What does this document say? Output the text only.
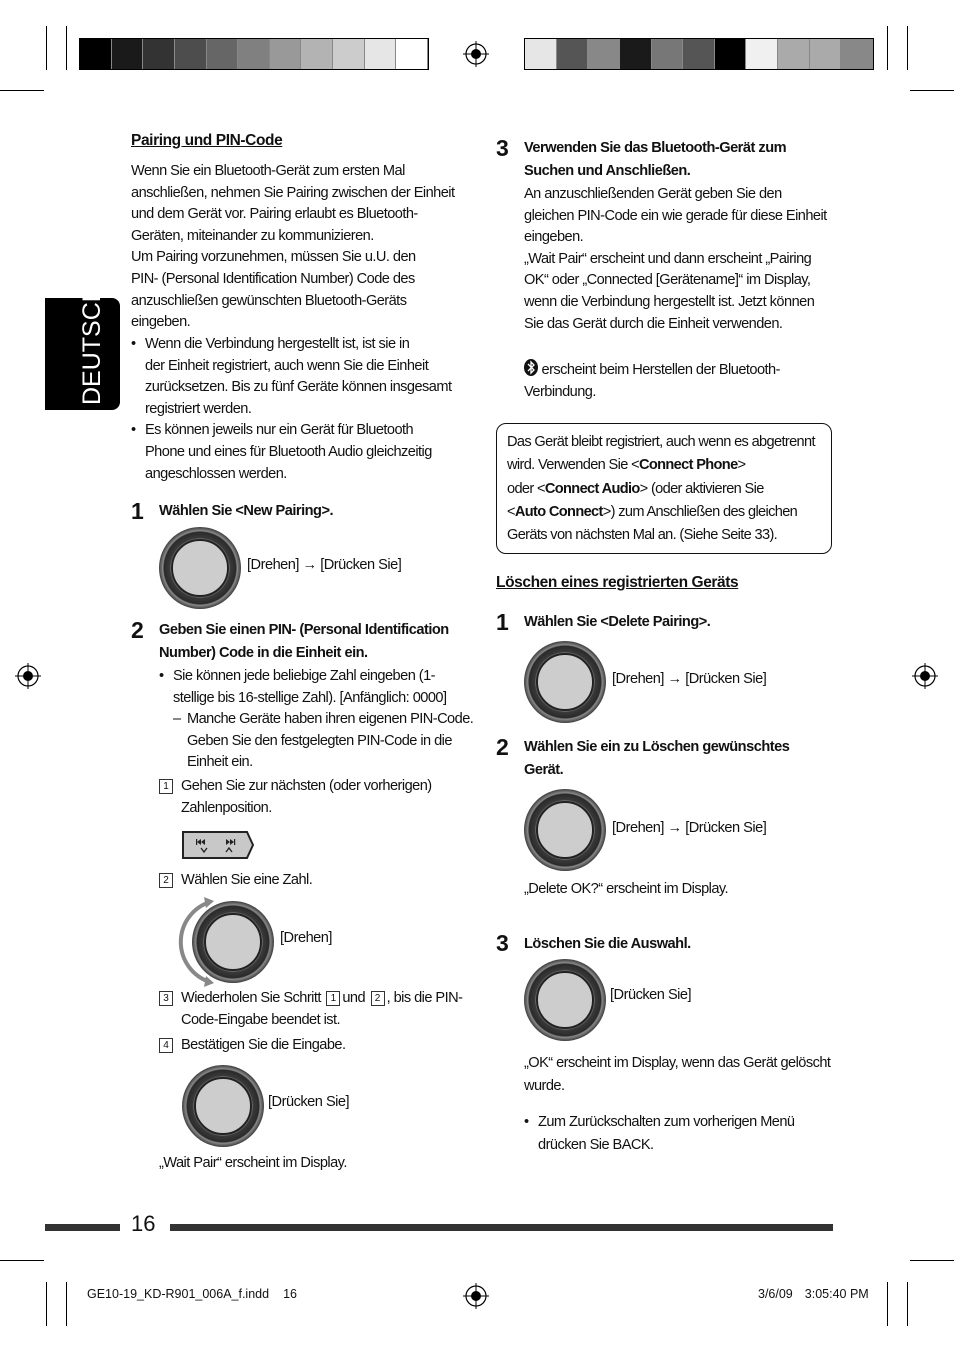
DEUTSCH
Pairing und PIN-Code
Wenn Sie ein Bluetooth-Gerät zum ersten Mal
anschließen, nehmen Sie Pairing zwischen der Einheit
und dem Gerät vor. Pairing erlaubt es Bluetooth-
Geräten, miteinander zu kommunizieren.
Um Pairing vorzunehmen, müssen Sie u.U. den
PIN- (Personal Identification Number) Code des
anzuschließen gewünschten Bluetooth-Geräts
eingeben.
• Wenn die Verbindung hergestellt ist, ist sie in
der Einheit registriert, auch wenn Sie die Einheit
zurücksetzen. Bis zu fünf Geräte können insgesamt
registriert werden.
• Es können jeweils nur ein Gerät für Bluetooth
Phone und eines für Bluetooth Audio gleichzeitig
angeschlossen werden.
1 Wählen Sie <New Pairing>.
[Drehen] → [Drücken Sie]
2 Geben Sie einen PIN- (Personal Identification
Number) Code in die Einheit ein.
• Sie können jede beliebige Zahl eingeben (1-
stellige bis 16-stellige Zahl). [Anfänglich: 0000]
– Manche Geräte haben ihren eigenen PIN-Code.
Geben Sie den festgelegten PIN-Code in die
Einheit ein.
1 Gehen Sie zur nächsten (oder vorherigen)
Zahlenposition.
2 Wählen Sie eine Zahl.
[Drehen]
3 Wiederholen Sie Schritt 1 und 2 , bis die PIN-
Code-Eingabe beendet ist.
4 Bestätigen Sie die Eingabe.
[Drücken Sie]
„Wait Pair“ erscheint im Display.
3 Verwenden Sie das Bluetooth-Gerät zum
Suchen und Anschließen.
An anzuschließenden Gerät geben Sie den
gleichen PIN-Code ein wie gerade für diese Einheit
eingeben.
„Wait Pair“ erscheint und dann erscheint „Pairing
OK“ oder „Connected [Gerätename]“ im Display,
wenn die Verbindung hergestellt ist. Jetzt können
Sie das Gerät durch die Einheit verwenden.
erscheint beim Herstellen der Bluetooth-
Verbindung.
Das Gerät bleibt registriert, auch wenn es abgetrennt
wird. Verwenden Sie <Connect Phone>
oder <Connect Audio> (oder aktivieren Sie
<Auto Connect>) zum Anschließen des gleichen
Geräts von nächsten Mal an. (Siehe Seite 33).
Löschen eines registrierten Geräts
1 Wählen Sie <Delete Pairing>.
[Drehen] → [Drücken Sie]
2 Wählen Sie ein zu Löschen gewünschtes
Gerät.
[Drehen] → [Drücken Sie]
„Delete OK?“ erscheint im Display.
3 Löschen Sie die Auswahl.
[Drücken Sie]
„OK“ erscheint im Display, wenn das Gerät gelöscht
wurde.
• Zum Zurückschalten zum vorherigen Menü
drücken Sie BACK.
16
GE10-19_KD-R901_006A_f.indd 16	3/6/09 3:05:40 PM
